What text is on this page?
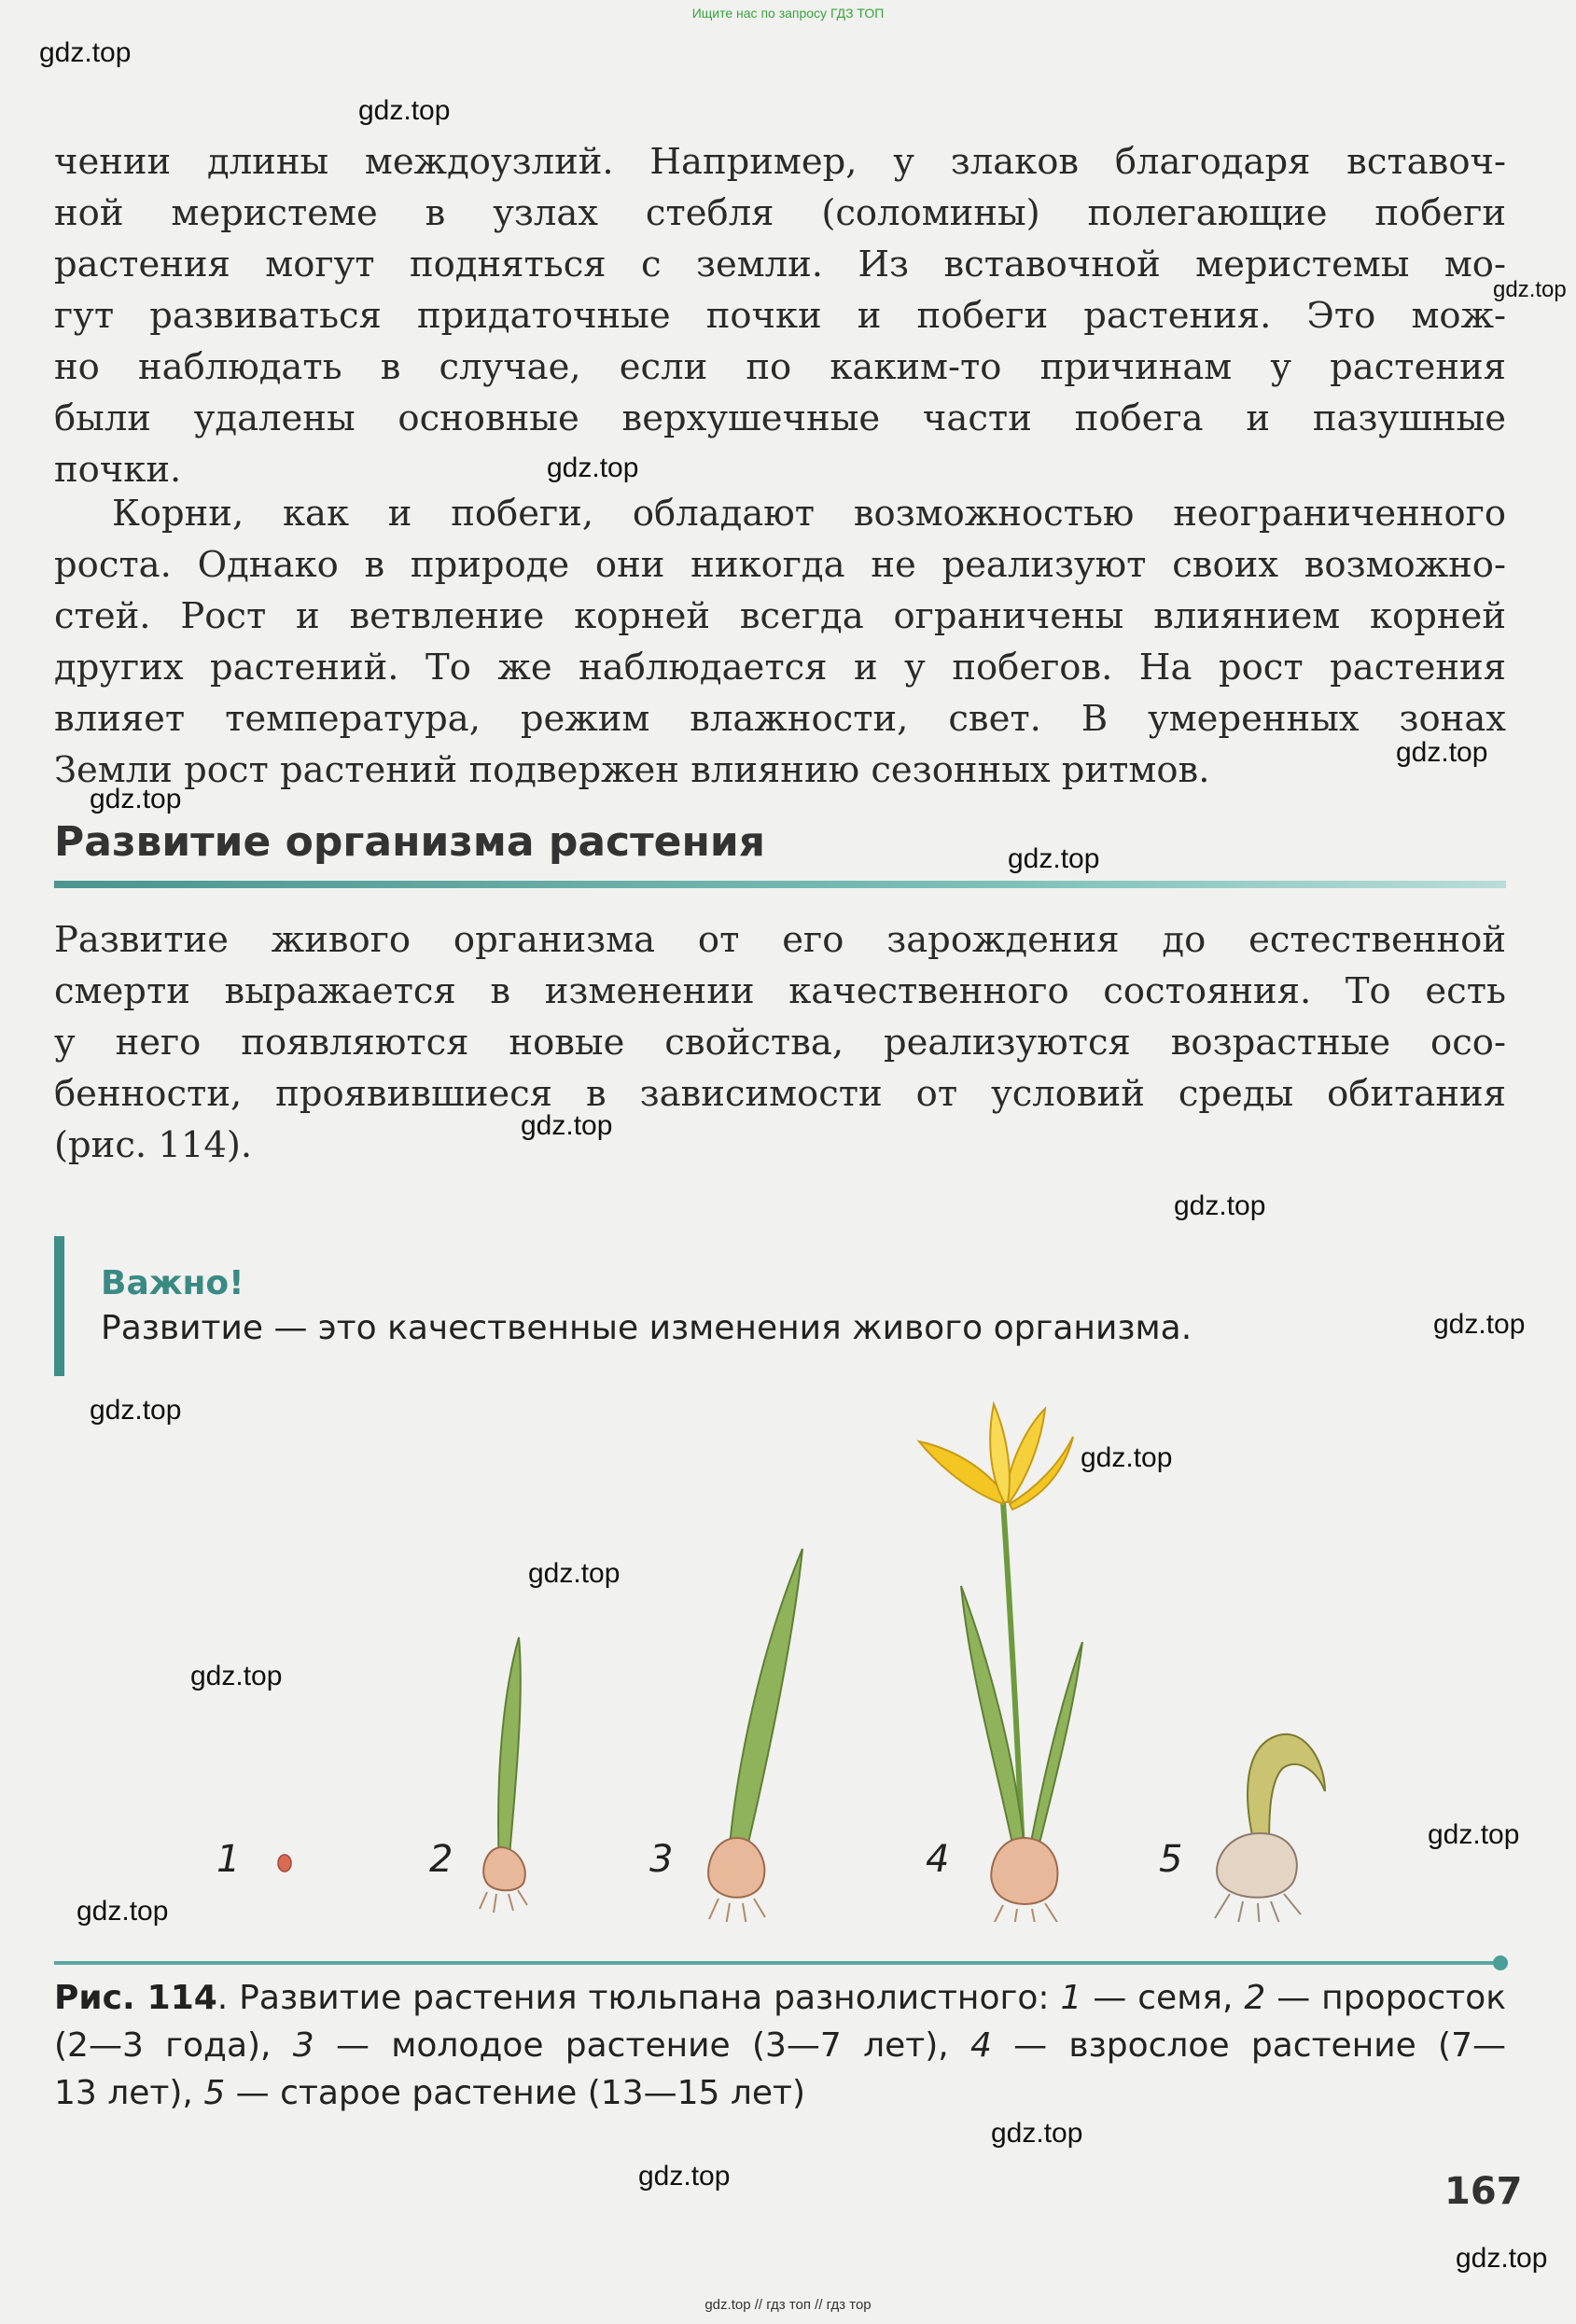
Ищите нас по запросу ГДЗ ТОП
gdz.top
gdz.top
gdz.top
gdz.top
gdz.top
gdz.top
gdz.top
gdz.top
gdz.top
gdz.top
gdz.top
gdz.top
gdz.top
gdz.top
gdz.top
gdz.top
gdz.top
gdz.top
gdz.top
чении длины междоузлий. Например, у злаков благодаря вставоч-
ной меристеме в узлах стебля (соломины) полегающие побеги
растения могут подняться с земли. Из вставочной меристемы мо-
гут развиваться придаточные почки и побеги растения. Это мож-
но наблюдать в случае, если по каким-то причинам у растения
были удалены основные верхушечные части побега и пазушные
почки.
Корни, как и побеги, обладают возможностью неограниченного
роста. Однако в природе они никогда не реализуют своих возможно-
стей. Рост и ветвление корней всегда ограничены влиянием корней
других растений. То же наблюдается и у побегов. На рост растения
влияет температура, режим влажности, свет. В умеренных зонах
Земли рост растений подвержен влиянию сезонных ритмов.
Развитие организма растения
Развитие живого организма от его зарождения до естественной
смерти выражается в изменении качественного состояния. То есть
у него появляются новые свойства, реализуются возрастные осо-
бенности, проявившиеся в зависимости от условий среды обитания
(рис. 114).
Важно!
Развитие — это качественные изменения живого организма.
1	2	3	4	5
Рис. 114. Развитие растения тюльпана разнолистного: 1 — семя, 2 — проросток
(2—3 года), 3 — молодое растение (3—7 лет), 4 — взрослое растение (7—
13 лет), 5 — старое растение (13—15 лет)
167
gdz.top // гдз топ // гдз тор
